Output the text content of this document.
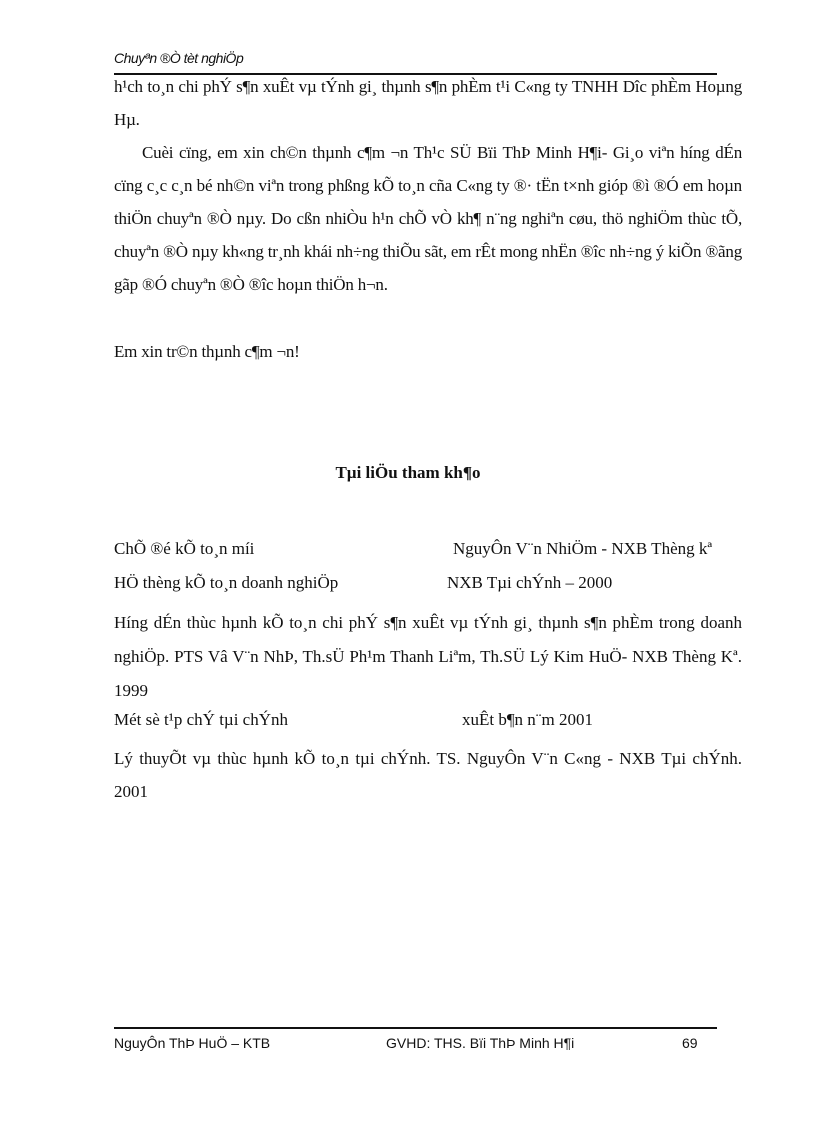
Chuyªn ®Ò tèt nghiÖp

h¹ch to¸n chi phÝ s¶n xuÊt vµ tÝnh gi¸ thµnh s¶n phÈm t¹i C«ng ty TNHH Dîc phÈm Hoµng Hµ.

Cuèi cïng, em xin ch©n thµnh c¶m ¬n Th¹c SÜ Bïi ThÞ Minh H¶i- Gi¸o viªn híng dÉn cïng c¸c c¸n bé nh©n viªn trong phßng kÕ to¸n cña C«ng ty ®· tËn t×nh gióp ®ì ®Ó em hoµn thiÖn chuyªn ®Ò nµy. Do cßn nhiÒu h¹n chÕ vÒ kh¶ n¨ng nghiªn cøu, thö nghiÖm thùc tÕ, chuyªn ®Ò nµy kh«ng tr¸nh khái nh÷ng thiÕu sãt, em rÊt mong nhËn ®îc nh÷ng ý kiÕn ®ãng gãp ®Ó chuyªn ®Ò ®îc hoµn thiÖn h¬n.

Em xin tr©n thµnh c¶m ¬n!

Tµi liÖu tham kh¶o
ChÕ ®é kÕ to¸n míi	NguyÔn V¨n NhiÖm - NXB Thèng kª
HÖ thèng kÕ to¸n doanh nghiÖp	NXB Tµi chÝnh – 2000
Híng dÉn thùc hµnh kÕ to¸n chi phÝ s¶n xuÊt vµ tÝnh gi¸ thµnh s¶n phÈm trong doanh nghiÖp. PTS Vâ V¨n NhÞ, Th.sÜ Ph¹m Thanh Liªm, Th.SÜ Lý Kim HuÖ- NXB Thèng Kª. 1999
Mét sè t¹p chÝ tµi chÝnh	xuÊt b¶n n¨m 2001
Lý thuyÕt vµ thùc hµnh kÕ to¸n tµi chÝnh. TS. NguyÔn V¨n C«ng - NXB Tµi chÝnh. 2001
NguyÔn ThÞ HuÖ – KTB	GVHD: THS. Bïi ThÞ Minh H¶i	69
